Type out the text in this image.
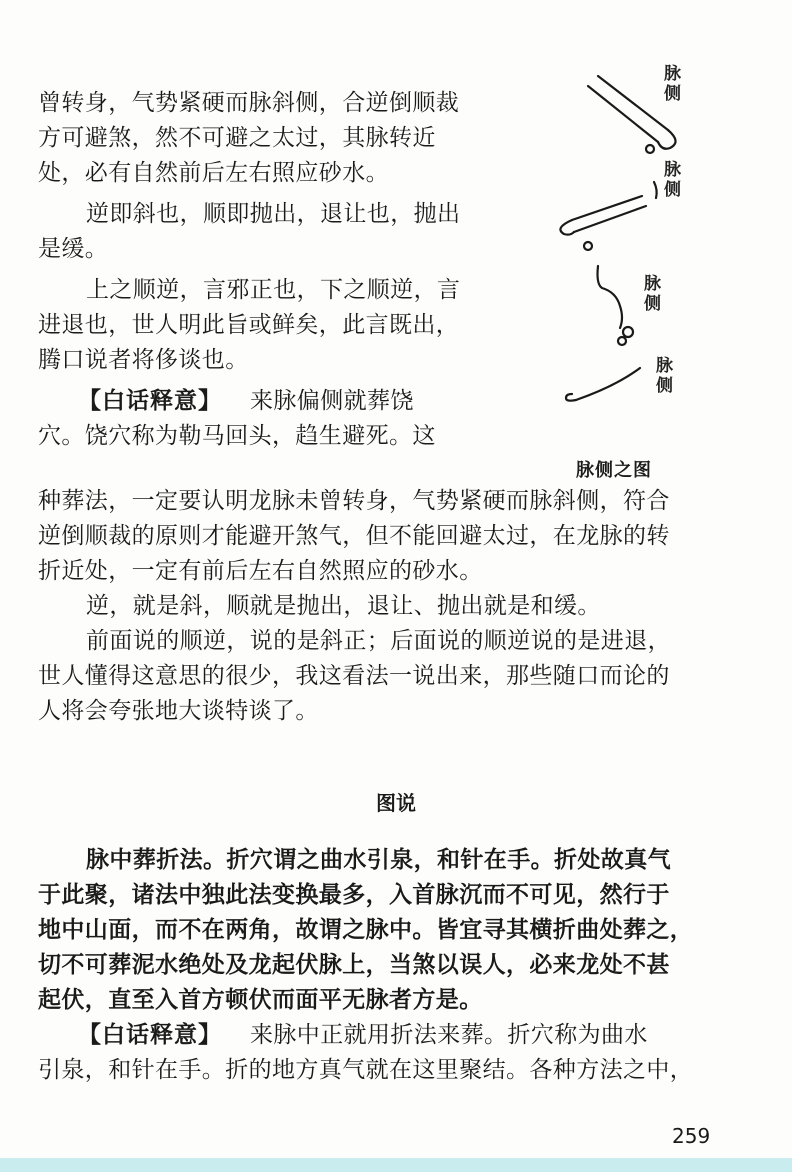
曾转身，气势紧硬而脉斜侧，合逆倒顺裁
方可避煞，然不可避之太过，其脉转近
处，必有自然前后左右照应砂水。
逆即斜也，顺即抛出，退让也，抛出
是缓。
上之顺逆，言邪正也，下之顺逆，言
进退也，世人明此旨或鲜矣，此言既出，
腾口说者将侈谈也。
【白话释意】 来脉偏侧就葬饶
穴。饶穴称为勒马回头，趋生避死。这
脉侧
脉侧
脉侧
脉侧
脉侧之图
种葬法，一定要认明龙脉未曾转身，气势紧硬而脉斜侧，符合
逆倒顺裁的原则才能避开煞气，但不能回避太过，在龙脉的转
折近处，一定有前后左右自然照应的砂水。
逆，就是斜，顺就是抛出，退让、抛出就是和缓。
前面说的顺逆，说的是斜正；后面说的顺逆说的是进退，
世人懂得这意思的很少，我这看法一说出来，那些随口而论的
人将会夸张地大谈特谈了。
图说
脉中葬折法。折穴谓之曲水引泉，和针在手。折处故真气
于此聚，诸法中独此法变换最多，入首脉沉而不可见，然行于
地中山面，而不在两角，故谓之脉中。皆宜寻其横折曲处葬之，
切不可葬泥水绝处及龙起伏脉上，当煞以误人，必来龙处不甚
起伏，直至入首方顿伏而面平无脉者方是。
【白话释意】 来脉中正就用折法来葬。折穴称为曲水
引泉，和针在手。折的地方真气就在这里聚结。各种方法之中，
259
